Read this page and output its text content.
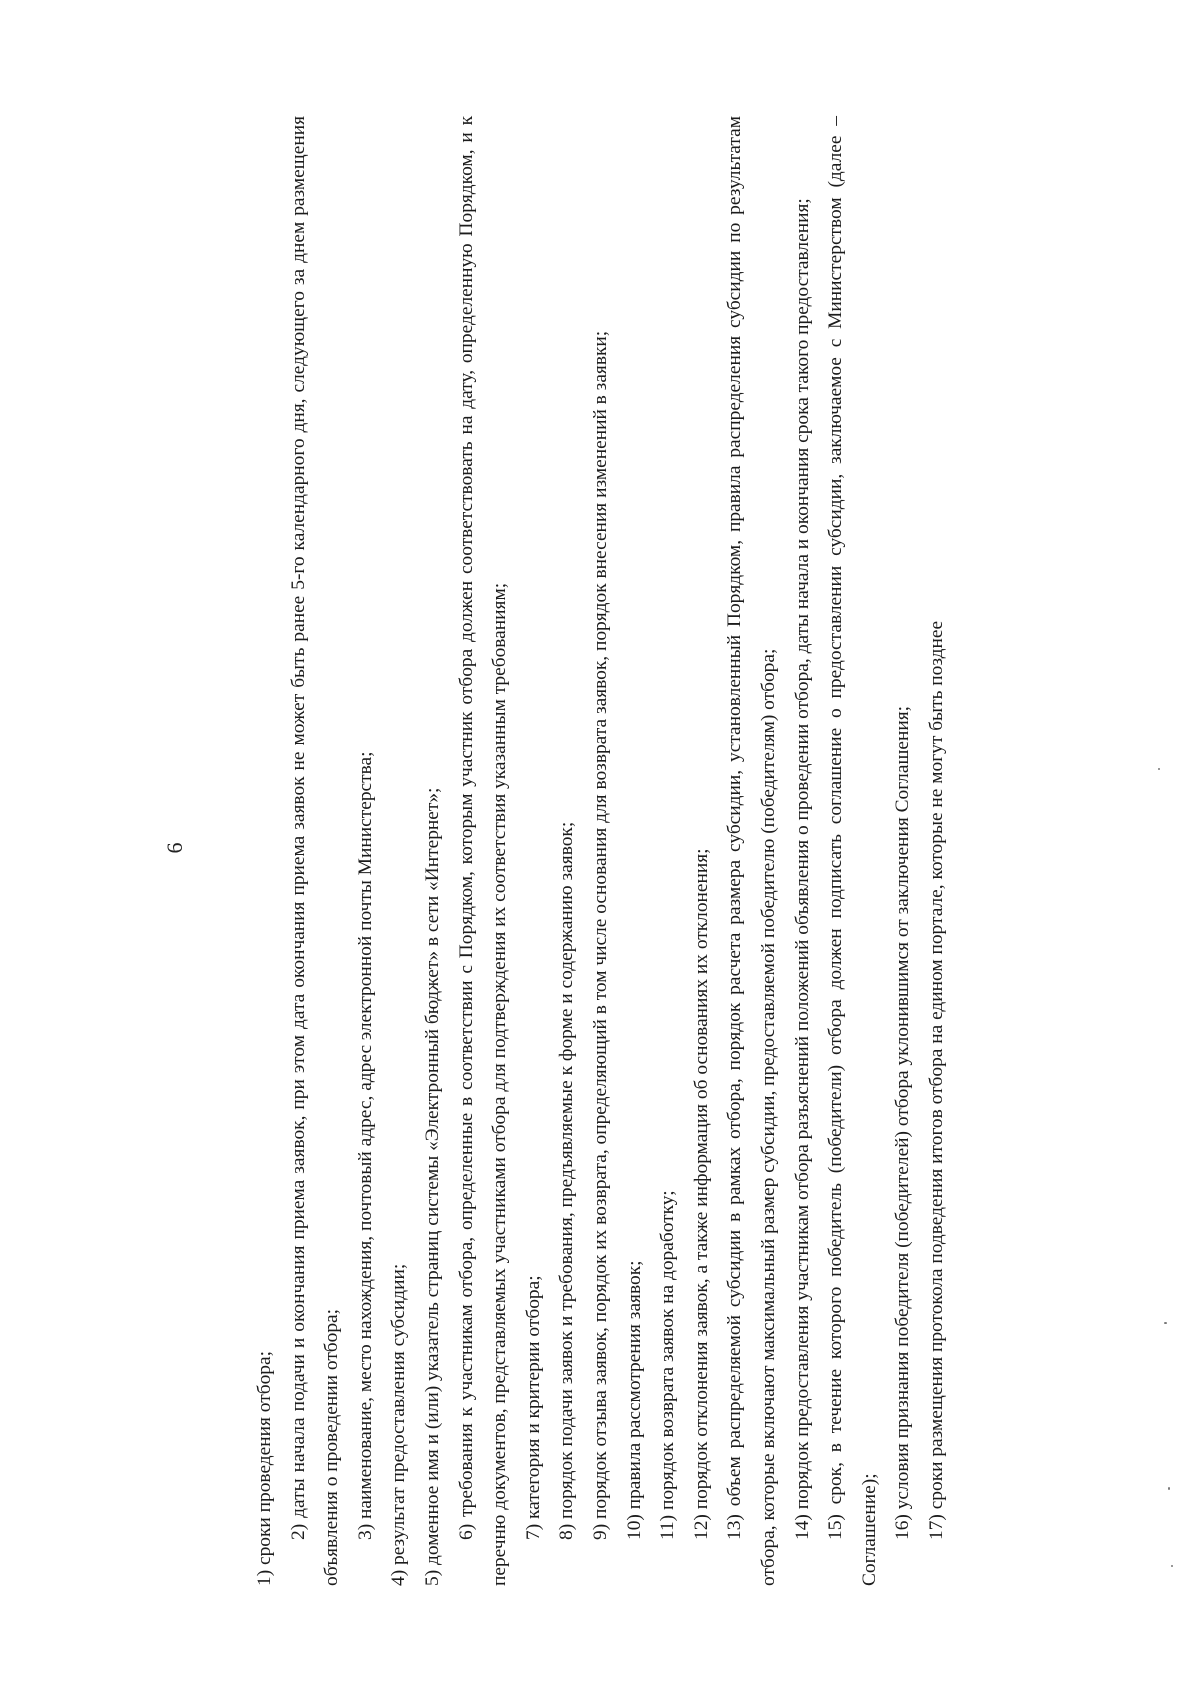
6

1) сроки проведения отбора; 2) даты начала подачи и окончания приема заявок, при этом дата окончания приема заявок не может быть ранее 5-го календарного дня, следующего за днем размещения объявления о проведении отбора; 3) наименование, место нахождения, почтовый адрес, адрес электронной почты Министерства; 4) результат предоставления субсидии; 5) доменное имя и (или) указатель страниц системы «Электронный бюджет» в сети «Интернет»; 6) требования к участникам отбора, определенные в соответствии с Порядком, которым участник отбора должен соответствовать на дату, определенную Порядком, и к перечню документов, представляемых участниками отбора для подтверждения их соответствия указанным требованиям; 7) категория и критерии отбора; 8) порядок подачи заявок и требования, предъявляемые к форме и содержанию заявок; 9) порядок отзыва заявок, порядок их возврата, определяющий в том числе основания для возврата заявок, порядок внесения изменений в заявки; 10) правила рассмотрения заявок; 11) порядок возврата заявок на доработку; 12) порядок отклонения заявок, а также информация об основаниях их отклонения; 13) объем распределяемой субсидии в рамках отбора, порядок расчета размера субсидии, установленный Порядком, правила распределения субсидии по результатам отбора, которые включают максимальный размер субсидии, предоставляемой победителю (победителям) отбора; 14) порядок предоставления участникам отбора разъяснений положений объявления о проведении отбора, даты начала и окончания срока такого предоставления; 15) срок, в течение которого победитель (победители) отбора должен подписать соглашение о предоставлении субсидии, заключаемое с Министерством (далее – Соглашение); 16) условия признания победителя (победителей) отбора уклонившимся от заключения Соглашения; 17) сроки размещения протокола подведения итогов отбора на едином портале, которые не могут быть позднее
